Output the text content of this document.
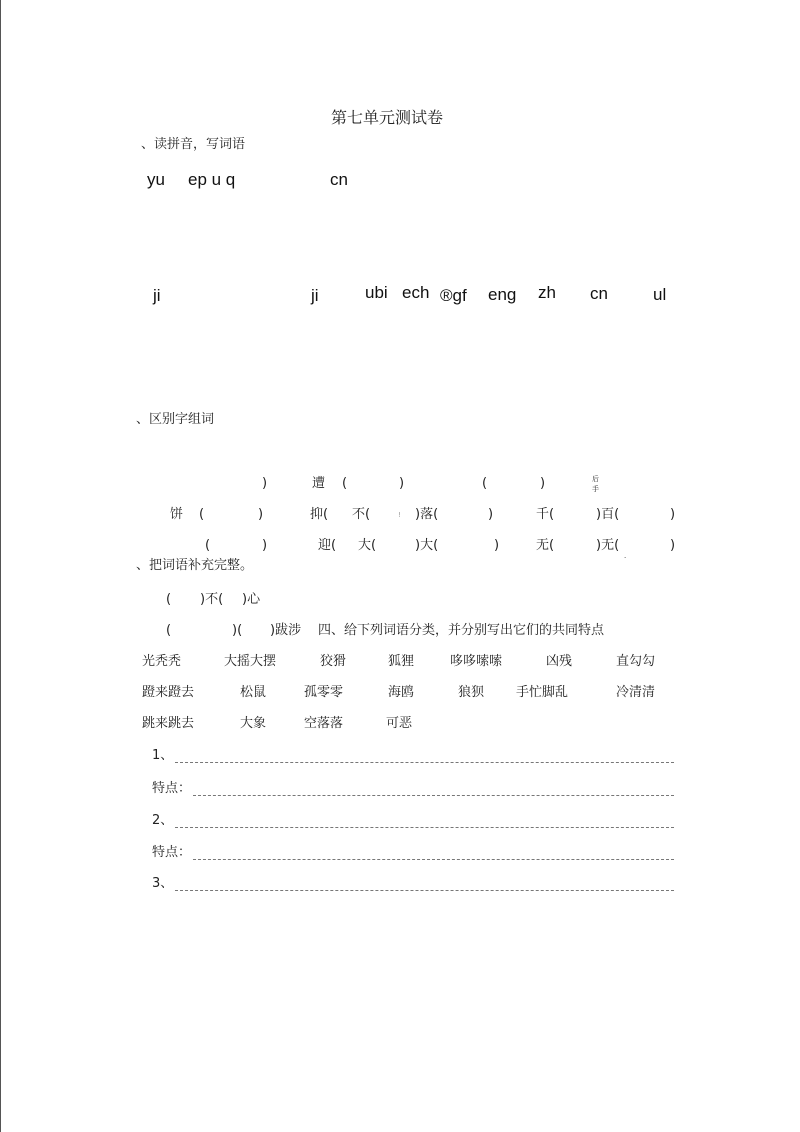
第七单元测试卷
、读拼音，写词语
yu ep u q	cn
ji	ji	ubi ech ®gf eng zh cn	ul
、区别字组词
)	遭 (	)	(	)	后
手
饼 (	)	抑( 不(	! )落(	)	千(	)百(	)
(	)	迎( 大(	)大(	)	无(	)无(	)
.
、把词语补充完整。
( )不( )心
(	)( )跋涉 四、给下列词语分类，并分别写出它们的共同特点
光秃秃	大摇大摆	狡猾	狐狸	哆哆嗦嗦	凶残	直勾勾
蹬来蹬去	松鼠	孤零零	海鸥	狼狈 手忙脚乱	冷清清
跳来跳去	大象	空落落	可恶
1、
特点：
2、
特点：
3、
